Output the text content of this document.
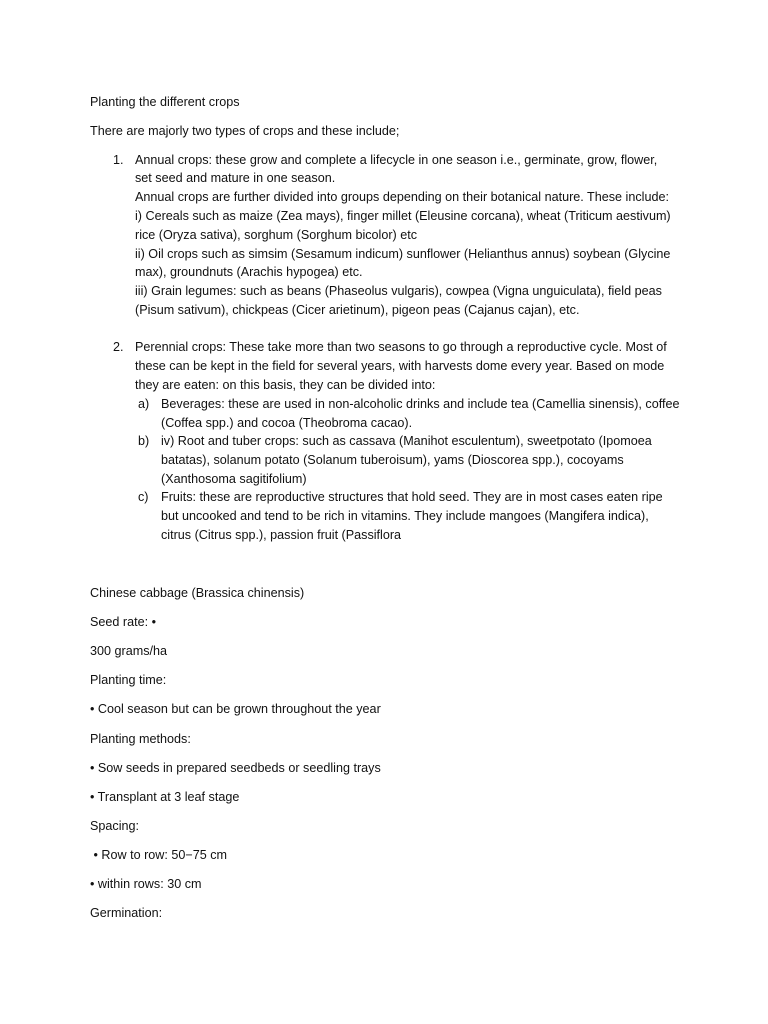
Planting the different crops
There are majorly two types of crops and these include;
1. Annual crops: these grow and complete a lifecycle in one season i.e., germinate, grow, flower,
set seed and mature in one season.
Annual crops are further divided into groups depending on their botanical nature. These include:
i) Cereals such as maize (Zea mays), finger millet (Eleusine corcana), wheat (Triticum aestivum)
rice (Oryza sativa), sorghum (Sorghum bicolor) etc
ii) Oil crops such as simsim (Sesamum indicum) sunflower (Helianthus annus) soybean (Glycine
max), groundnuts (Arachis hypogea) etc.
iii) Grain legumes: such as beans (Phaseolus vulgaris), cowpea (Vigna unguiculata), field peas
(Pisum sativum), chickpeas (Cicer arietinum), pigeon peas (Cajanus cajan), etc.
2. Perennial crops: These take more than two seasons to go through a reproductive cycle. Most of
these can be kept in the field for several years, with harvests dome every year. Based on mode
they are eaten: on this basis, they can be divided into:
a) Beverages: these are used in non-alcoholic drinks and include tea (Camellia sinensis), coffee
(Coffea spp.) and cocoa (Theobroma cacao).
b) iv) Root and tuber crops: such as cassava (Manihot esculentum), sweetpotato (Ipomoea
batatas), solanum potato (Solanum tuberoisum), yams (Dioscorea spp.), cocoyams
(Xanthosoma sagitifolium)
c) Fruits: these are reproductive structures that hold seed. They are in most cases eaten ripe
but uncooked and tend to be rich in vitamins. They include mangoes (Mangifera indica),
citrus (Citrus spp.), passion fruit (Passiflora
Chinese cabbage (Brassica chinensis)
Seed rate: •
300 grams/ha
Planting time:
• Cool season but can be grown throughout the year
Planting methods:
• Sow seeds in prepared seedbeds or seedling trays
• Transplant at 3 leaf stage
Spacing:
• Row to row: 50−75 cm
• within rows: 30 cm
Germination:
